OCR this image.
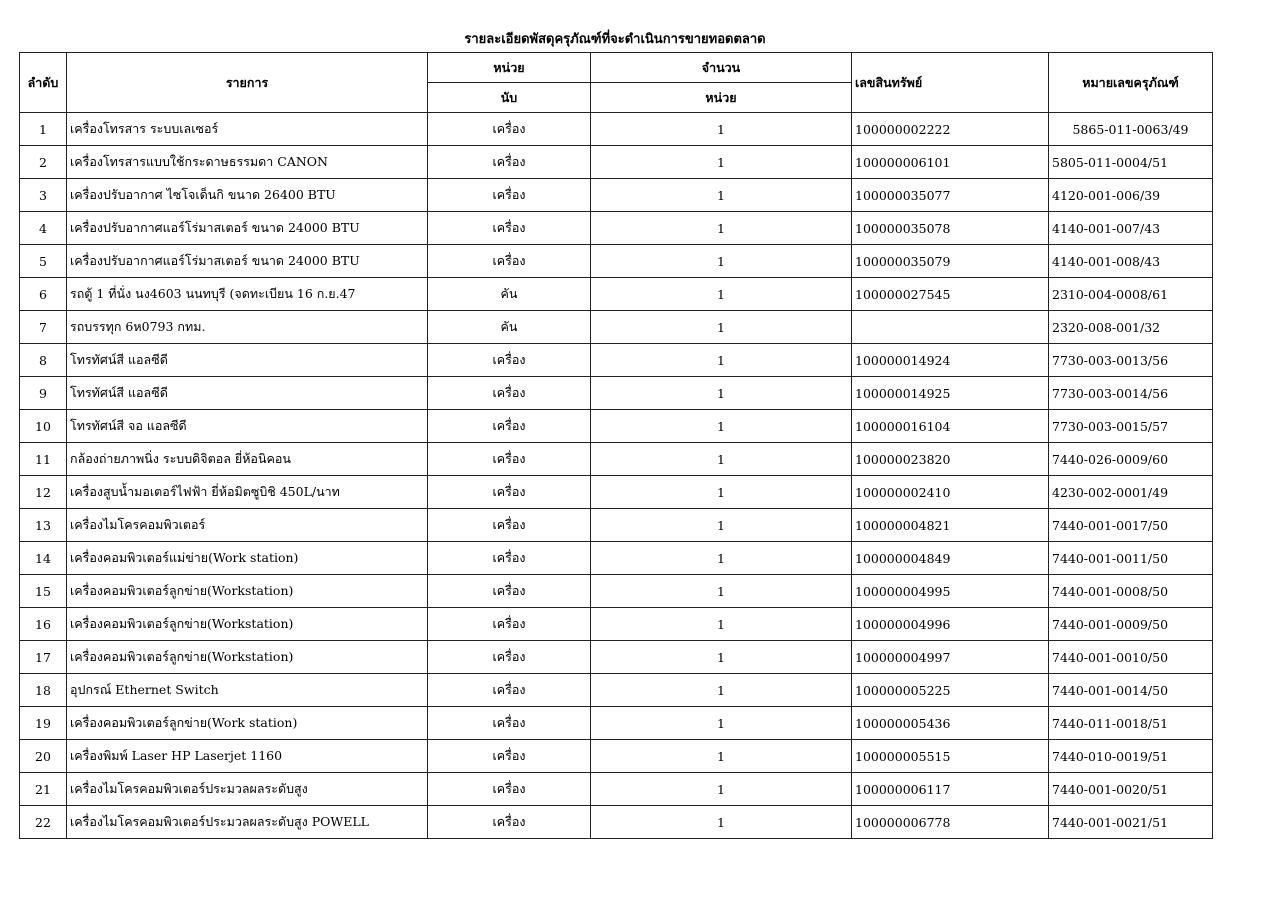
รายละเอียดพัสดุครุภัณฑ์ที่จะดำเนินการขายทอดตลาด
ลำดับ	รายการ	หน่วย	จำนวน	เลขสินทรัพย์	หมายเลขครุภัณฑ์
		นับ	หน่วย		
1	เครื่องโทรสาร ระบบเลเซอร์	เครื่อง	1	100000002222	5865-011-0063/49
2	เครื่องโทรสารแบบใช้กระดาษธรรมดา CANON	เครื่อง	1	100000006101	5805-011-0004/51
3	เครื่องปรับอากาศ ไซโจเด็นกิ ขนาด 26400 BTU	เครื่อง	1	100000035077	4120-001-006/39
4	เครื่องปรับอากาศแอร์โร่มาสเตอร์ ขนาด 24000 BTU	เครื่อง	1	100000035078	4140-001-007/43
5	เครื่องปรับอากาศแอร์โร่มาสเตอร์ ขนาด 24000 BTU	เครื่อง	1	100000035079	4140-001-008/43
6	รถตู้ 1 ที่นั่ง นง4603 นนทบุรี (จดทะเบียน 16 ก.ย.47	คัน	1	100000027545	2310-004-0008/61
7	รถบรรทุก 6ห0793 กทม.	คัน	1		2320-008-001/32
8	โทรทัศน์สี แอลซีดี	เครื่อง	1	100000014924	7730-003-0013/56
9	โทรทัศน์สี แอลซีดี	เครื่อง	1	100000014925	7730-003-0014/56
10	โทรทัศน์สี จอ แอลซีดี	เครื่อง	1	100000016104	7730-003-0015/57
11	กล้องถ่ายภาพนิ่ง ระบบดิจิตอล ยี่ห้อนิคอน	เครื่อง	1	100000023820	7440-026-0009/60
12	เครื่องสูบน้ำมอเตอร์ไฟฟ้า ยี่ห้อมิตซูบิชิ 450L/นาท	เครื่อง	1	100000002410	4230-002-0001/49
13	เครื่องไมโครคอมพิวเตอร์	เครื่อง	1	100000004821	7440-001-0017/50
14	เครื่องคอมพิวเตอร์แม่ข่าย(Work station)	เครื่อง	1	100000004849	7440-001-0011/50
15	เครื่องคอมพิวเตอร์ลูกข่าย(Workstation)	เครื่อง	1	100000004995	7440-001-0008/50
16	เครื่องคอมพิวเตอร์ลูกข่าย(Workstation)	เครื่อง	1	100000004996	7440-001-0009/50
17	เครื่องคอมพิวเตอร์ลูกข่าย(Workstation)	เครื่อง	1	100000004997	7440-001-0010/50
18	อุปกรณ์ Ethernet Switch	เครื่อง	1	100000005225	7440-001-0014/50
19	เครื่องคอมพิวเตอร์ลูกข่าย(Work station)	เครื่อง	1	100000005436	7440-011-0018/51
20	เครื่องพิมพ์ Laser HP Laserjet 1160	เครื่อง	1	100000005515	7440-010-0019/51
21	เครื่องไมโครคอมพิวเตอร์ประมวลผลระดับสูง	เครื่อง	1	100000006117	7440-001-0020/51
22	เครื่องไมโครคอมพิวเตอร์ประมวลผลระดับสูง POWELL	เครื่อง	1	100000006778	7440-001-0021/51
